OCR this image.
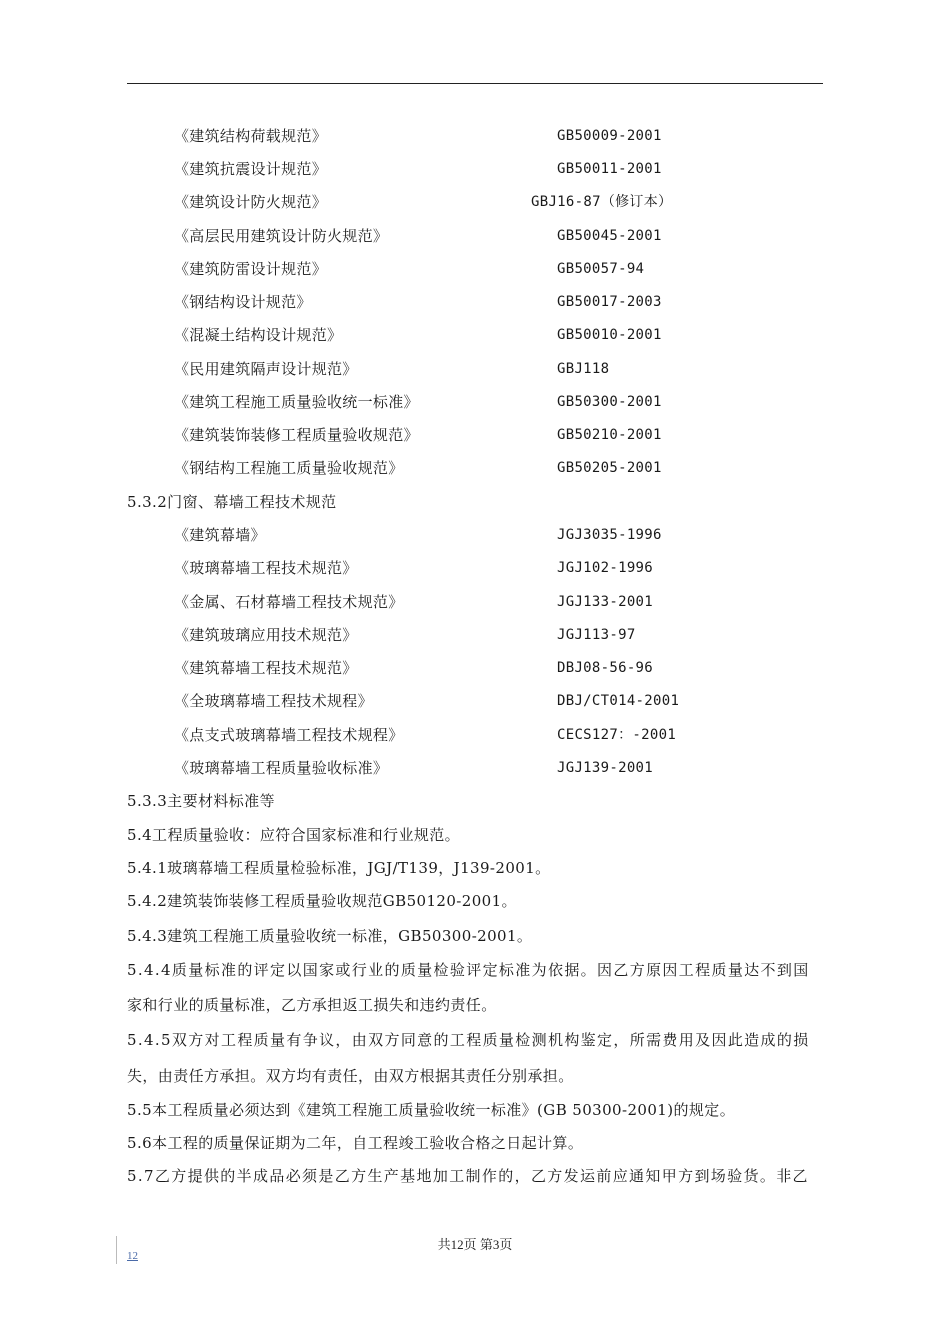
《建筑结构荷载规范》	GB50009-2001
《建筑抗震设计规范》	GB50011-2001
《建筑设计防火规范》	GBJ16-87（修订本）
《高层民用建筑设计防火规范》	GB50045-2001
《建筑防雷设计规范》	GB50057-94
《钢结构设计规范》	GB50017-2003
《混凝土结构设计规范》	GB50010-2001
《民用建筑隔声设计规范》	GBJ118
《建筑工程施工质量验收统一标准》	GB50300-2001
《建筑装饰装修工程质量验收规范》	GB50210-2001
《钢结构工程施工质量验收规范》	GB50205-2001
5.3.2门窗、幕墙工程技术规范
《建筑幕墙》	JGJ3035-1996
《玻璃幕墙工程技术规范》	JGJ102-1996
《金属、石材幕墙工程技术规范》	JGJ133-2001
《建筑玻璃应用技术规范》	JGJ113-97
《建筑幕墙工程技术规范》	DBJ08-56-96
《全玻璃幕墙工程技术规程》	DBJ/CT014-2001
《点支式玻璃幕墙工程技术规程》	CECS127：-2001
《玻璃幕墙工程质量验收标准》	JGJ139-2001
5.3.3主要材料标准等
5.4工程质量验收：应符合国家标准和行业规范。
5.4.1玻璃幕墙工程质量检验标准，JGJ/T139，J139-2001。
5.4.2建筑装饰装修工程质量验收规范GB50120-2001。
5.4.3建筑工程施工质量验收统一标准，GB50300-2001。
5.4.4质量标准的评定以国家或行业的质量检验评定标准为依据。因乙方原因工程质量达不到国
家和行业的质量标准，乙方承担返工损失和违约责任。
5.4.5双方对工程质量有争议，由双方同意的工程质量检测机构鉴定，所需费用及因此造成的损
失，由责任方承担。双方均有责任，由双方根据其责任分别承担。
5.5本工程质量必须达到《建筑工程施工质量验收统一标准》(GB 50300-2001)的规定。
5.6本工程的质量保证期为二年，自工程竣工验收合格之日起计算。
5.7乙方提供的半成品必须是乙方生产基地加工制作的，乙方发运前应通知甲方到场验货。非乙
共12页 第3页
12
